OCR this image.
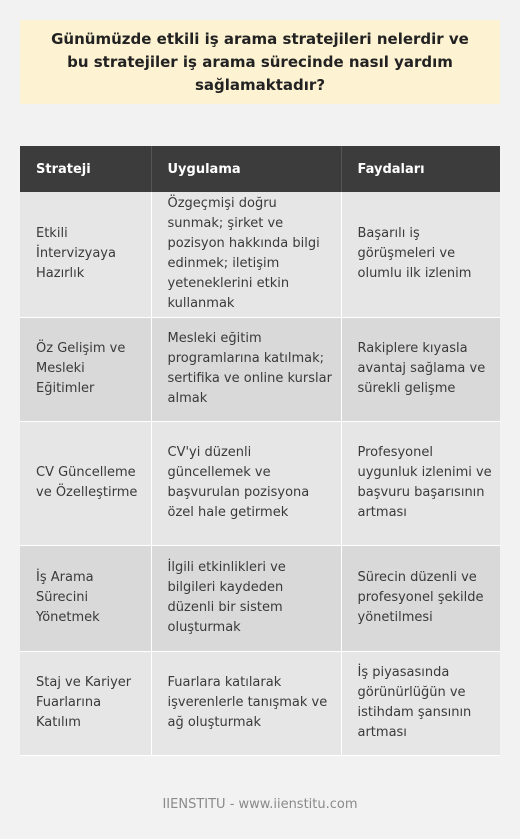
Günümüzde etkili iş arama stratejileri nelerdir ve bu stratejiler iş arama sürecinde nasıl yardım sağlamaktadır?

Strateji	Uygulama	Faydaları
Etkili İntervizyaya Hazırlık	Özgeçmişi doğru sunmak; şirket ve pozisyon hakkında bilgi edinmek; iletişim yeteneklerini etkin kullanmak	Başarılı iş görüşmeleri ve olumlu ilk izlenim
Öz Gelişim ve Mesleki Eğitimler	Mesleki eğitim programlarına katılmak; sertifika ve online kurslar almak	Rakiplere kıyasla avantaj sağlama ve sürekli gelişme
CV Güncelleme ve Özelleştirme	CV'yi düzenli güncellemek ve başvurulan pozisyona özel hale getirmek	Profesyonel uygunluk izlenimi ve başvuru başarısının artması
İş Arama Sürecini Yönetmek	İlgili etkinlikleri ve bilgileri kaydeden düzenli bir sistem oluşturmak	Sürecin düzenli ve profesyonel şekilde yönetilmesi
Staj ve Kariyer Fuarlarına Katılım	Fuarlara katılarak işverenlerle tanışmak ve ağ oluşturmak	İş piyasasında görünürlüğün ve istihdam şansının artması
IIENSTITU - www.iienstitu.com
